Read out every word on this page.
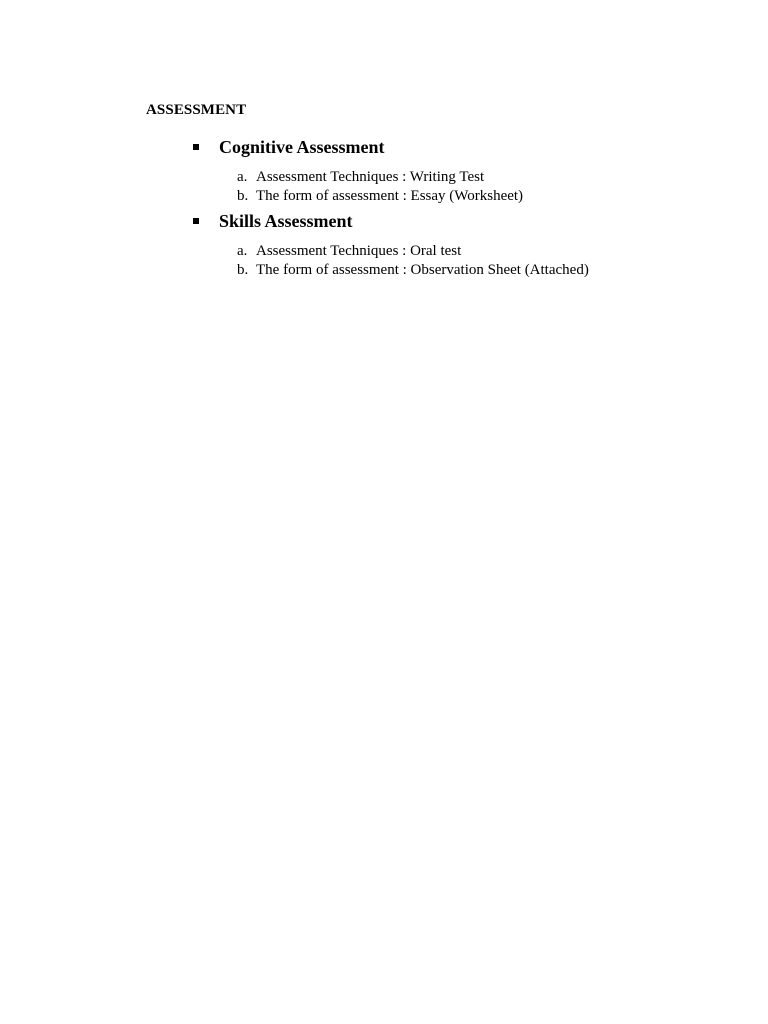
ASSESSMENT
Cognitive Assessment
a. Assessment Techniques : Writing Test
b. The form of assessment : Essay (Worksheet)
Skills Assessment
a. Assessment Techniques : Oral test
b. The form of assessment : Observation Sheet (Attached)
